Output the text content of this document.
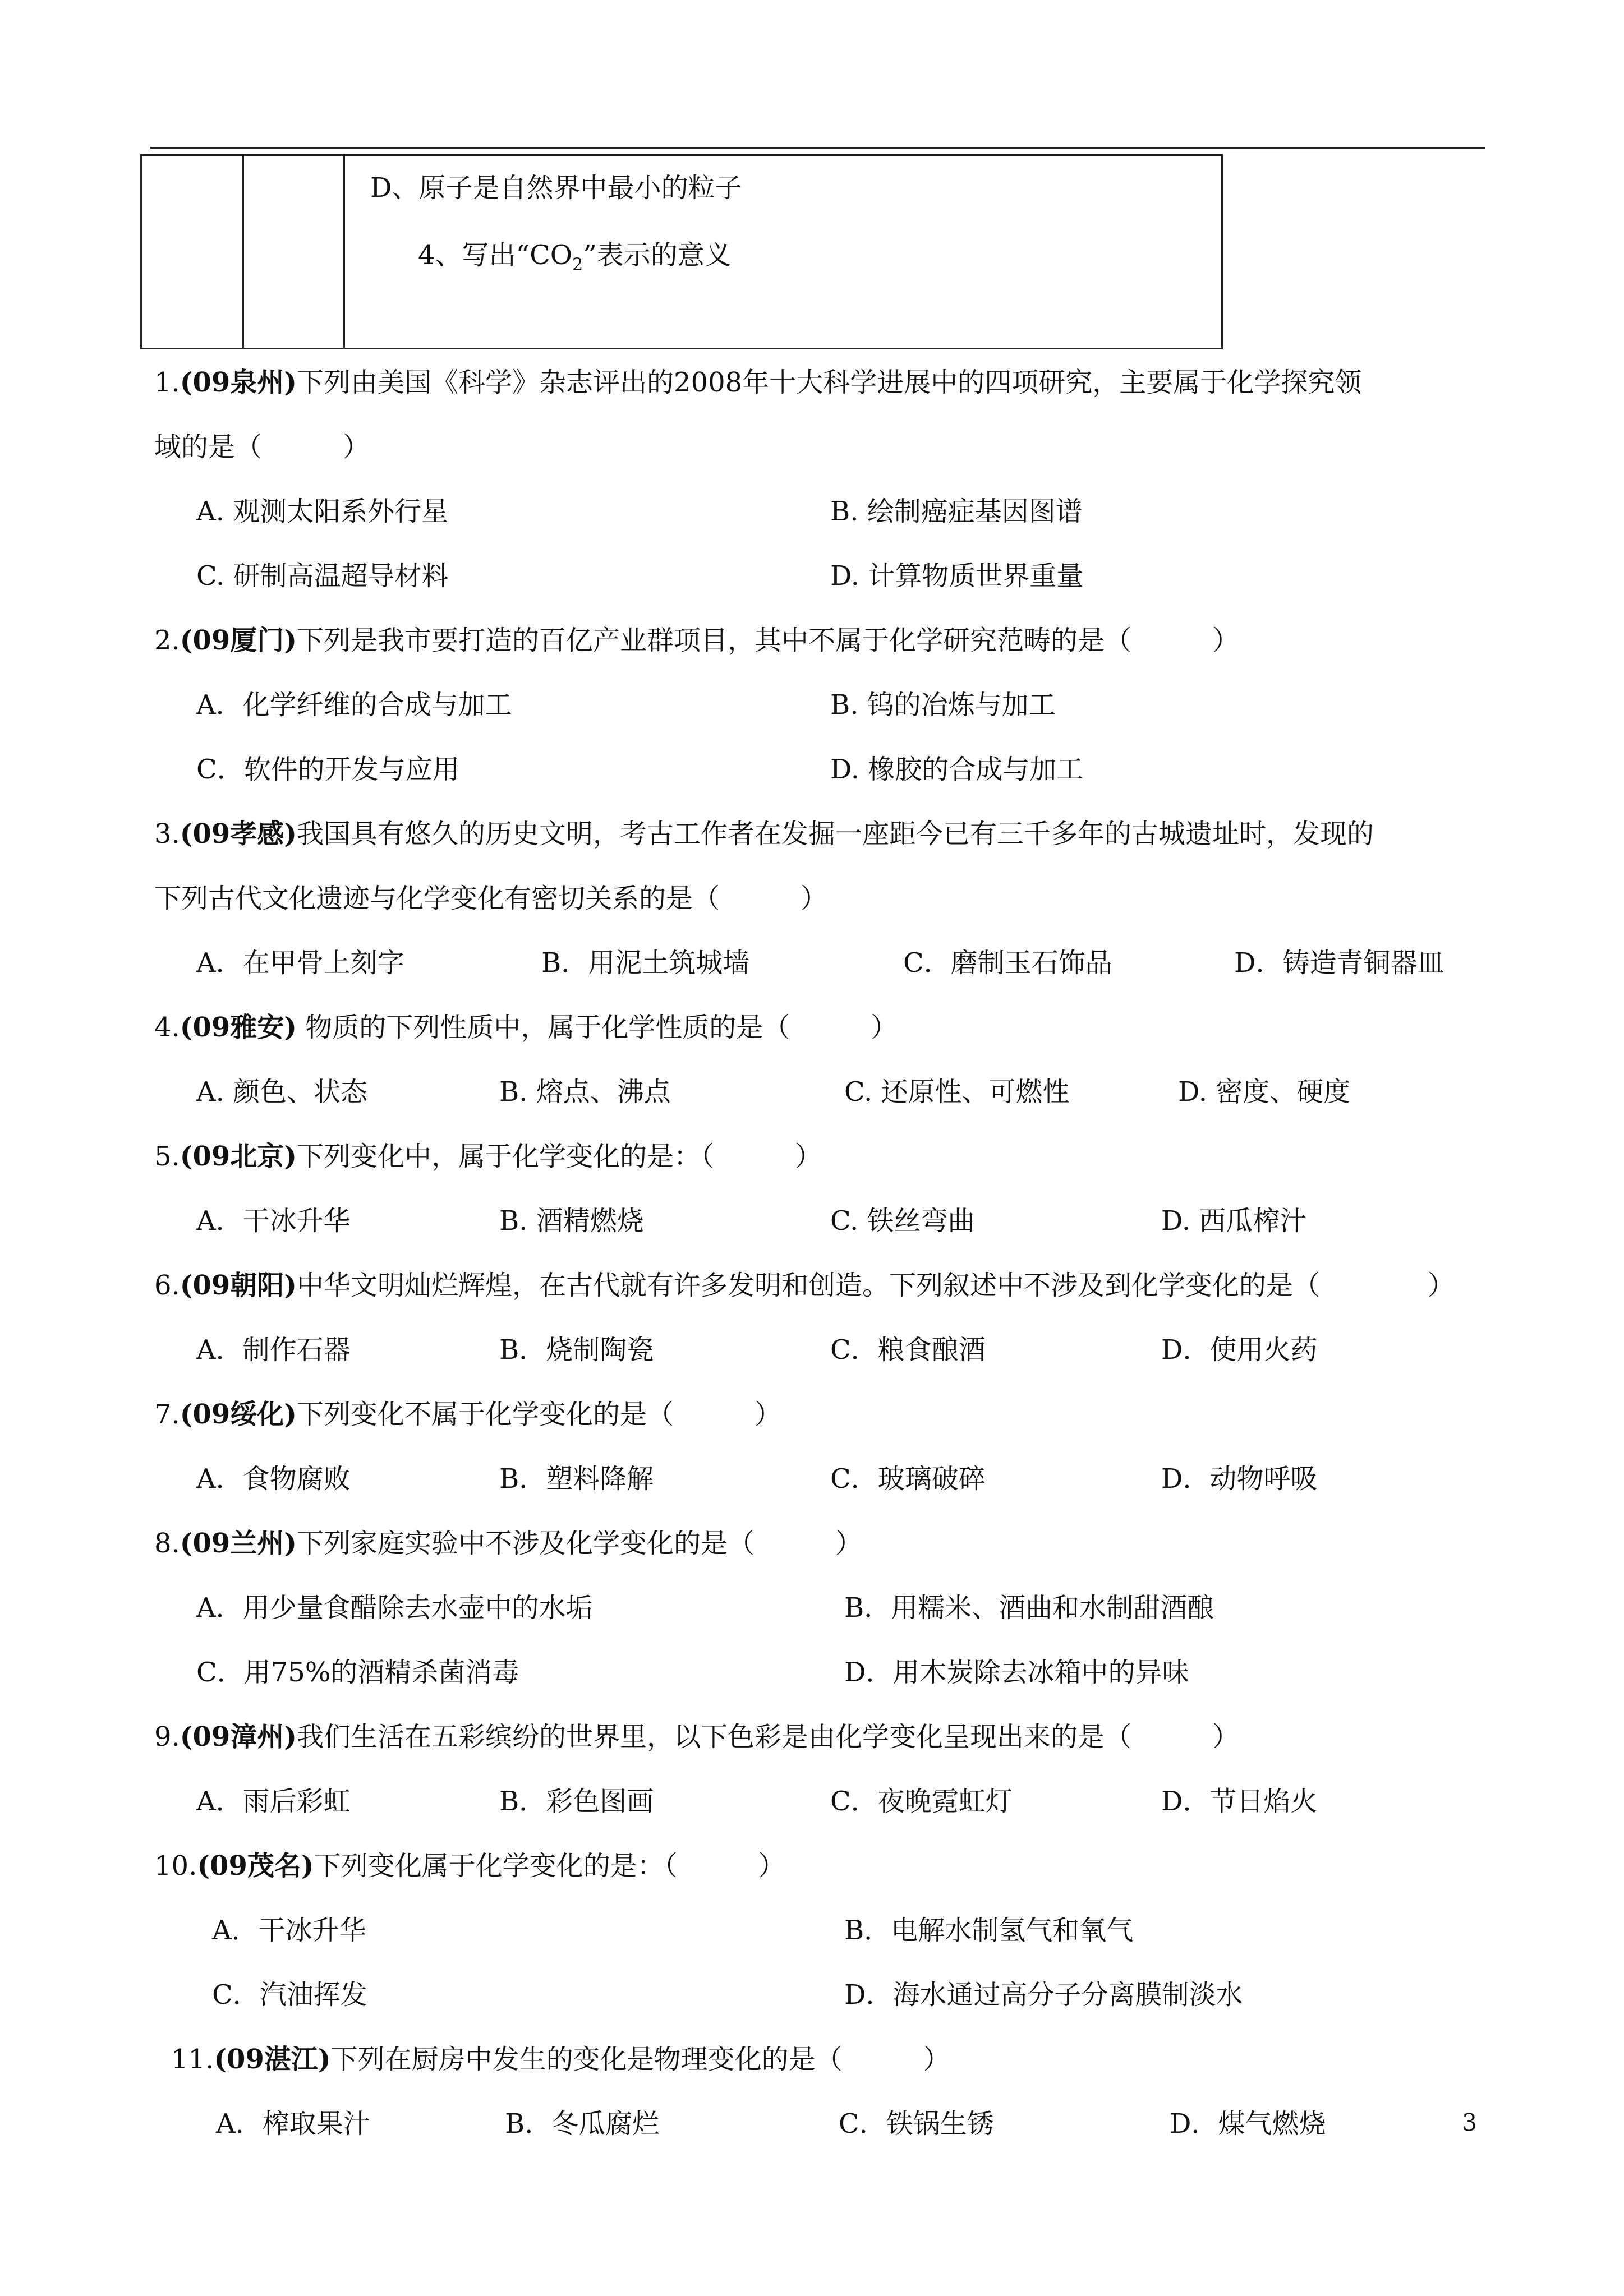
D、原子是自然界中最小的粒子
4、写出“$CO_2$”表示的意义
1.(09泉州)下列由美国《科学》杂志评出的2008年十大科学进展中的四项研究，主要属于化学探究领
域的是（　　　）
A. 观测太阳系外行星	B. 绘制癌症基因图谱
C. 研制高温超导材料	D. 计算物质世界重量
2.(09厦门)下列是我市要打造的百亿产业群项目，其中不属于化学研究范畴的是（　　　）
A．化学纤维的合成与加工	B. 钨的冶炼与加工
C．软件的开发与应用	D. 橡胶的合成与加工
3.(09孝感)我国具有悠久的历史文明，考古工作者在发掘一座距今已有三千多年的古城遗址时，发现的
下列古代文化遗迹与化学变化有密切关系的是（　　　）
A．在甲骨上刻字	B．用泥土筑城墙	C．磨制玉石饰品	D．铸造青铜器皿
4.(09雅安) 物质的下列性质中，属于化学性质的是（　　　）
A. 颜色、状态	B. 熔点、沸点	C. 还原性、可燃性	D. 密度、硬度
5.(09北京)下列变化中，属于化学变化的是：（　　　）
A．干冰升华	B. 酒精燃烧	C. 铁丝弯曲	D. 西瓜榨汁
6.(09朝阳)中华文明灿烂辉煌，在古代就有许多发明和创造。下列叙述中不涉及到化学变化的是（　　　　）
A．制作石器	B．烧制陶瓷	C．粮食酿酒	D．使用火药
7.(09绥化)下列变化不属于化学变化的是（　　　）
A．食物腐败	B．塑料降解	C．玻璃破碎	D．动物呼吸
8.(09兰州)下列家庭实验中不涉及化学变化的是（　　　）
A．用少量食醋除去水壶中的水垢	B．用糯米、酒曲和水制甜酒酿
C．用75%的酒精杀菌消毒	D．用木炭除去冰箱中的异味
9.(09漳州)我们生活在五彩缤纷的世界里，以下色彩是由化学变化呈现出来的是（　　　）
A．雨后彩虹	B．彩色图画	C．夜晚霓虹灯	D．节日焰火
10.(09茂名)下列变化属于化学变化的是：（　　　）
A．干冰升华	B．电解水制氢气和氧气
C．汽油挥发	D．海水通过高分子分离膜制淡水
11.(09湛江)下列在厨房中发生的变化是物理变化的是（　　　）
A．榨取果汁	B．冬瓜腐烂	C．铁锅生锈	D．煤气燃烧	3
